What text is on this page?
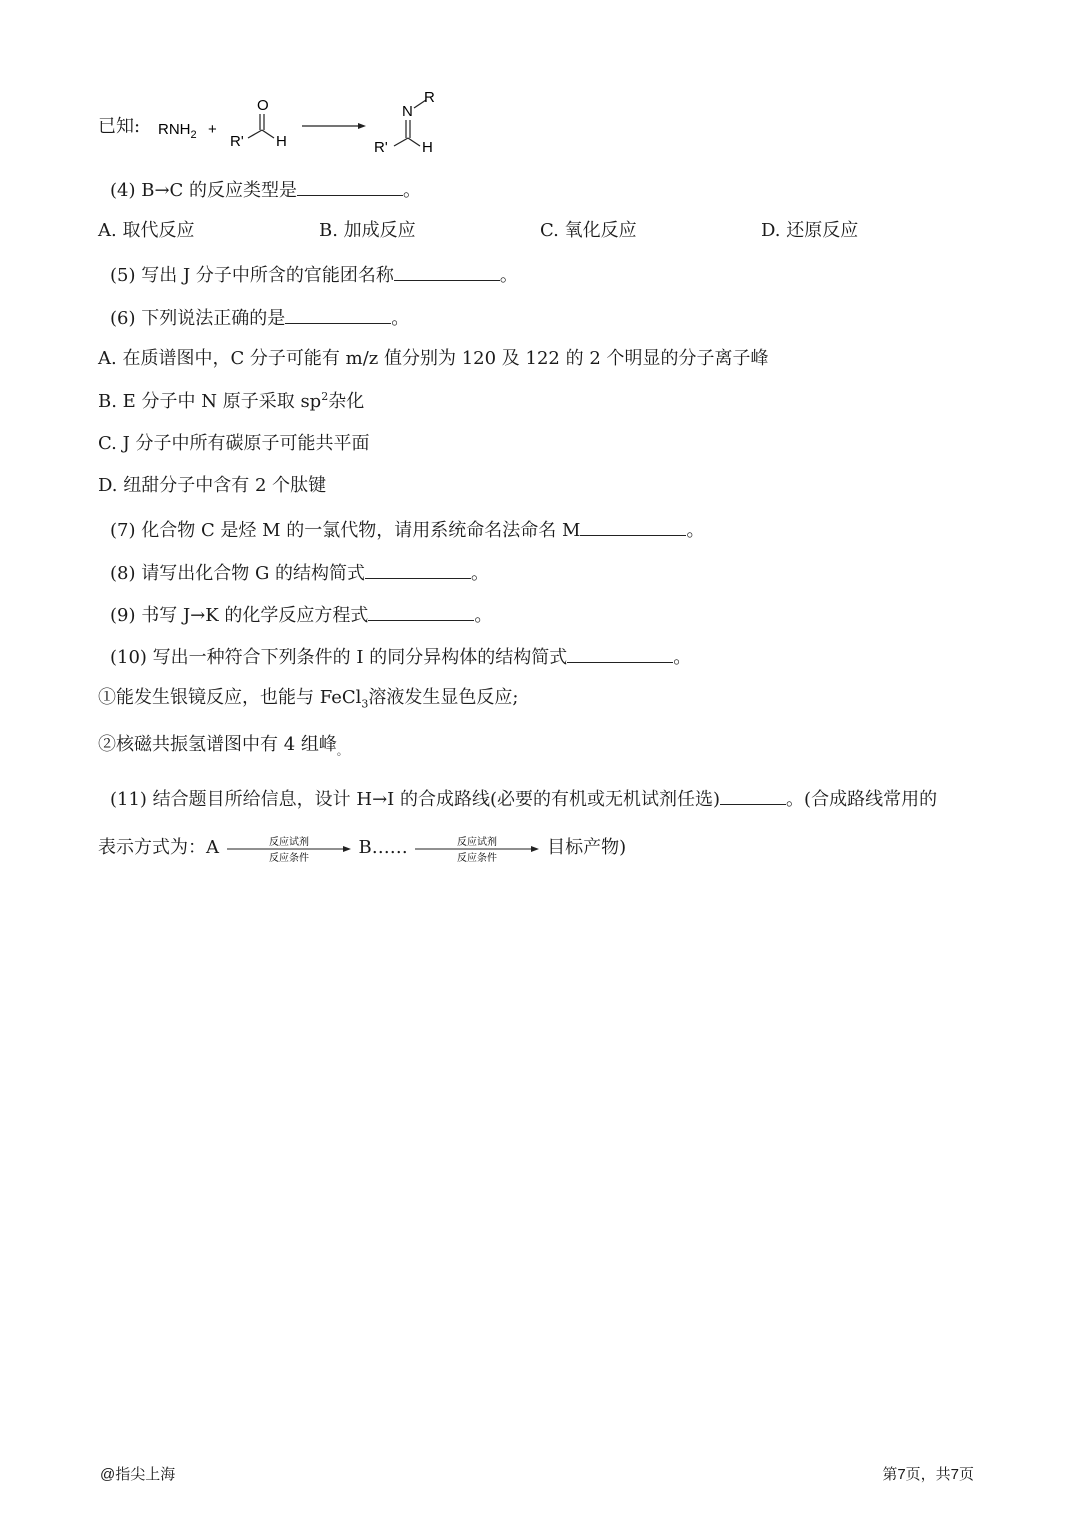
已知: $RNH_2$ +
O
R' H
N
R
R' H
(4) B→C 的反应类型是	。
A. 取代反应	B. 加成反应	C. 氧化反应	D. 还原反应
(5) 写出 J 分子中所含的官能团名称	。
(6) 下列说法正确的是	。
A. 在质谱图中，C 分子可能有 m/z 值分别为 120 及 122 的 2 个明显的分子离子峰
B. E 分子中 N 原子采取 $sp^2$杂化
C. J 分子中所有碳原子可能共平面
D. 纽甜分子中含有 2 个肽键
(7) 化合物 C 是烃 M 的一氯代物，请用系统命名法命名 M	。
(8) 请写出化合物 G 的结构简式	。
(9) 书写 J→K 的化学反应方程式	。
(10) 写出一种符合下列条件的 I 的同分异构体的结构简式	。
①能发生银镜反应，也能与 FeCl$_3$溶液发生显色反应;
②核磁共振氢谱图中有 4 组峰$_。$
(11) 结合题目所给信息，设计 H→I 的合成路线(必要的有机或无机试剂任选)	。(合成路线常用的
表示方式为：A	反应试剂
反应条件
B……	反应试剂
反应条件
目标产物)
@指尖上海	第7页，共7页
